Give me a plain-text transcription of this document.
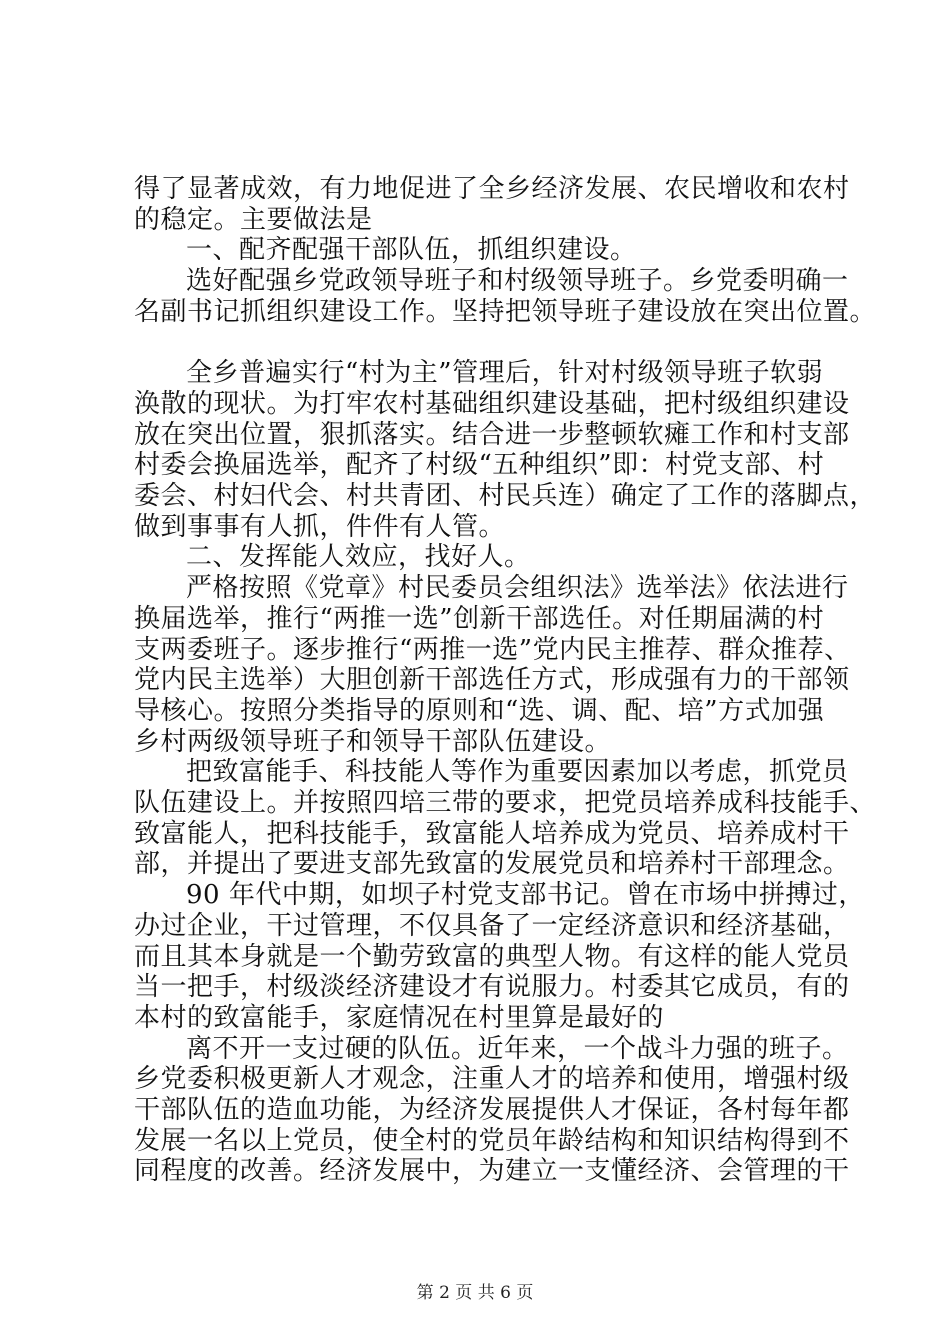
得了显著成效，有力地促进了全乡经济发展、农民增收和农村
的稳定。主要做法是
一、配齐配强干部队伍，抓组织建设。
选好配强乡党政领导班子和村级领导班子。乡党委明确一
名副书记抓组织建设工作。坚持把领导班子建设放在突出位置。
全乡普遍实行“村为主”管理后，针对村级领导班子软弱
涣散的现状。为打牢农村基础组织建设基础，把村级组织建设
放在突出位置，狠抓落实。结合进一步整顿软瘫工作和村支部
村委会换届选举，配齐了村级“五种组织”即：村党支部、村
委会、村妇代会、村共青团、村民兵连）确定了工作的落脚点，
做到事事有人抓，件件有人管。
二、发挥能人效应，找好人。
严格按照《党章》村民委员会组织法》选举法》依法进行
换届选举，推行“两推一选”创新干部选任。对任期届满的村
支两委班子。逐步推行“两推一选”党内民主推荐、群众推荐、
党内民主选举）大胆创新干部选任方式，形成强有力的干部领
导核心。按照分类指导的原则和“选、调、配、培”方式加强
乡村两级领导班子和领导干部队伍建设。
把致富能手、科技能人等作为重要因素加以考虑，抓党员
队伍建设上。并按照四培三带的要求，把党员培养成科技能手、
致富能人，把科技能手，致富能人培养成为党员、培养成村干
部，并提出了要进支部先致富的发展党员和培养村干部理念。
90 年代中期，如坝子村党支部书记。曾在市场中拼搏过，
办过企业，干过管理，不仅具备了一定经济意识和经济基础，
而且其本身就是一个勤劳致富的典型人物。有这样的能人党员
当一把手，村级淡经济建设才有说服力。村委其它成员，有的
本村的致富能手，家庭情况在村里算是最好的
离不开一支过硬的队伍。近年来，一个战斗力强的班子。
乡党委积极更新人才观念，注重人才的培养和使用，增强村级
干部队伍的造血功能，为经济发展提供人才保证，各村每年都
发展一名以上党员，使全村的党员年龄结构和知识结构得到不
同程度的改善。经济发展中，为建立一支懂经济、会管理的干
第 2 页 共 6 页
